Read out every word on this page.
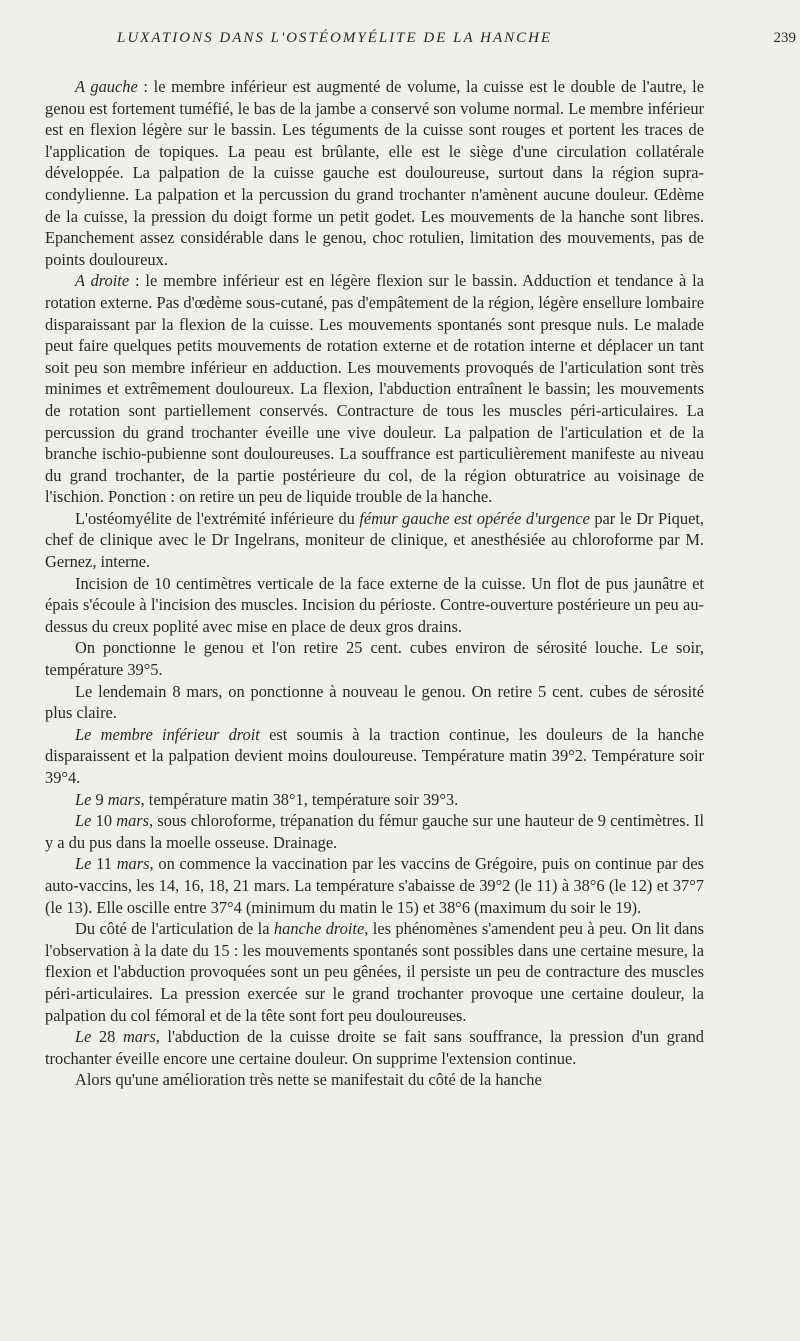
LUXATIONS DANS L'OSTÉOMYÉLITE DE LA HANCHE	239

A gauche : le membre inférieur est augmenté de volume, la cuisse est le double de l'autre, le genou est fortement tuméfié, le bas de la jambe a conservé son volume normal. Le membre inférieur est en flexion légère sur le bassin. Les téguments de la cuisse sont rouges et portent les traces de l'application de topiques. La peau est brûlante, elle est le siège d'une circulation collatérale développée. La palpation de la cuisse gauche est douloureuse, surtout dans la région supra-condylienne. La palpation et la percussion du grand trochanter n'amènent aucune douleur. Œdème de la cuisse, la pression du doigt forme un petit godet. Les mouvements de la hanche sont libres. Epanchement assez considérable dans le genou, choc rotulien, limitation des mouvements, pas de points douloureux.

A droite : le membre inférieur est en légère flexion sur le bassin. Adduction et tendance à la rotation externe. Pas d'œdème sous-cutané, pas d'empâtement de la région, légère ensellure lombaire disparaissant par la flexion de la cuisse. Les mouvements spontanés sont presque nuls. Le malade peut faire quelques petits mouvements de rotation externe et de rotation interne et déplacer un tant soit peu son membre inférieur en adduction. Les mouvements provoqués de l'articulation sont très minimes et extrêmement douloureux. La flexion, l'abduction entraînent le bassin; les mouvements de rotation sont partiellement conservés. Contracture de tous les muscles péri-articulaires. La percussion du grand trochanter éveille une vive douleur. La palpation de l'articulation et de la branche ischio-pubienne sont douloureuses. La souffrance est particulièrement manifeste au niveau du grand trochanter, de la partie postérieure du col, de la région obturatrice au voisinage de l'ischion. Ponction : on retire un peu de liquide trouble de la hanche.

L'ostéomyélite de l'extrémité inférieure du fémur gauche est opérée d'urgence par le Dr Piquet, chef de clinique avec le Dr Ingelrans, moniteur de clinique, et anesthésiée au chloroforme par M. Gernez, interne.

Incision de 10 centimètres verticale de la face externe de la cuisse. Un flot de pus jaunâtre et épais s'écoule à l'incision des muscles. Incision du périoste. Contre-ouverture postérieure un peu au-dessus du creux poplité avec mise en place de deux gros drains.

On ponctionne le genou et l'on retire 25 cent. cubes environ de sérosité louche. Le soir, température 39°5.

Le lendemain 8 mars, on ponctionne à nouveau le genou. On retire 5 cent. cubes de sérosité plus claire.

Le membre inférieur droit est soumis à la traction continue, les douleurs de la hanche disparaissent et la palpation devient moins douloureuse. Température matin 39°2. Température soir 39°4.

Le 9 mars, température matin 38°1, température soir 39°3.

Le 10 mars, sous chloroforme, trépanation du fémur gauche sur une hauteur de 9 centimètres. Il y a du pus dans la moelle osseuse. Drainage.

Le 11 mars, on commence la vaccination par les vaccins de Grégoire, puis on continue par des auto-vaccins, les 14, 16, 18, 21 mars. La température s'abaisse de 39°2 (le 11) à 38°6 (le 12) et 37°7 (le 13). Elle oscille entre 37°4 (minimum du matin le 15) et 38°6 (maximum du soir le 19).

Du côté de l'articulation de la hanche droite, les phénomènes s'amendent peu à peu. On lit dans l'observation à la date du 15 : les mouvements spontanés sont possibles dans une certaine mesure, la flexion et l'abduction provoquées sont un peu gênées, il persiste un peu de contracture des muscles péri-articulaires. La pression exercée sur le grand trochanter provoque une certaine douleur, la palpation du col fémoral et de la tête sont fort peu douloureuses.

Le 28 mars, l'abduction de la cuisse droite se fait sans souffrance, la pression d'un grand trochanter éveille encore une certaine douleur. On supprime l'extension continue.

Alors qu'une amélioration très nette se manifestait du côté de la hanche
